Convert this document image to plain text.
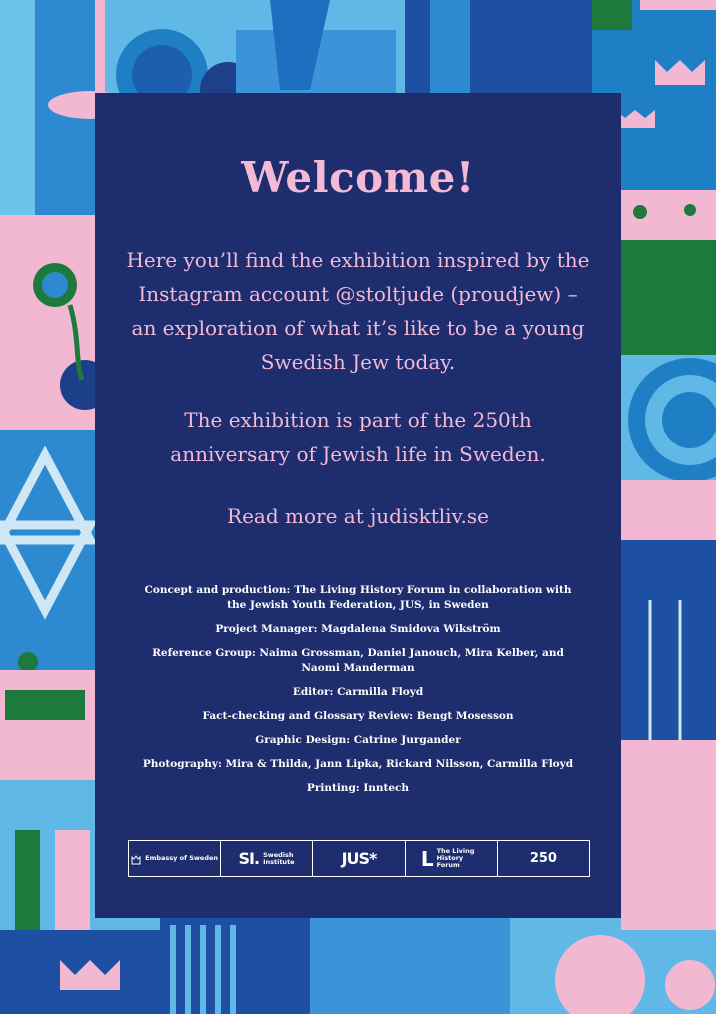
Welcome!
Here you’ll find the exhibition inspired by the Instagram account @stoltjude (proudjew) – an exploration of what it’s like to be a young Swedish Jew today.
The exhibition is part of the 250th anniversary of Jewish life in Sweden.
Read more at judisktliv.se

Concept and production: The Living History Forum in collaboration with the Jewish Youth Federation, JUS, in Sweden

Project Manager: Magdalena Smidova Wikström

Reference Group: Naima Grossman, Daniel Janouch, Mira Kelber, and Naomi Manderman

Editor: Carmilla Floyd

Fact-checking and Glossary Review: Bengt Mosesson

Graphic Design: Catrine Jurgander

Photography: Mira & Thilda, Jann Lipka, Rickard Nilsson, Carmilla Floyd

Printing: Inntech

Embassy of Sweden SI. Swedish Institute	JUS* L The Living History Forum	250
